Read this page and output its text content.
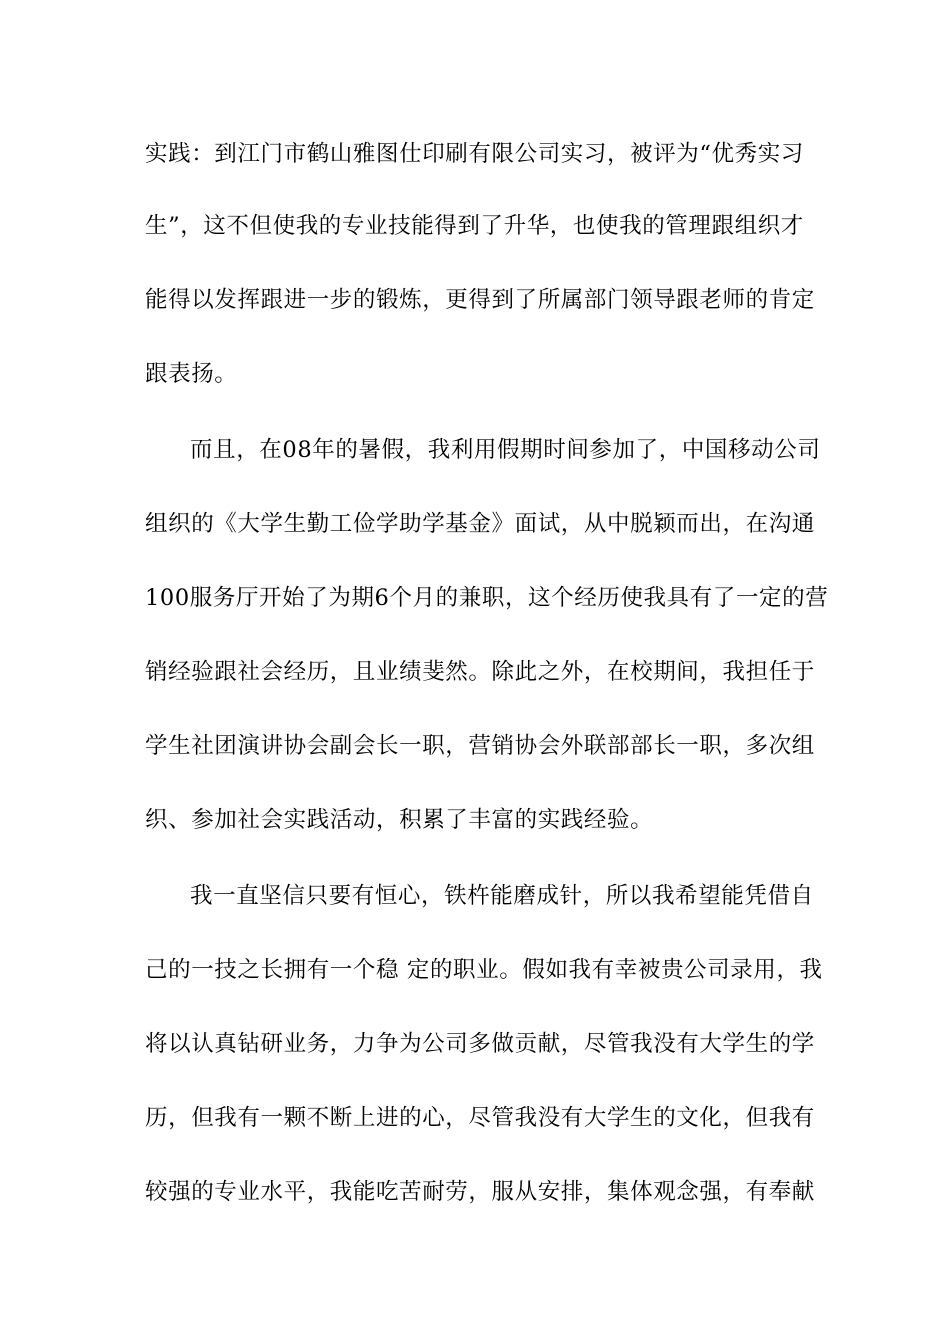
实践：到江门市鹤山雅图仕印刷有限公司实习，被评为“优秀实习

生”，这不但使我的专业技能得到了升华，也使我的管理跟组织才

能得以发挥跟进一步的锻炼，更得到了所属部门领导跟老师的肯定

跟表扬。

而且，在08年的暑假，我利用假期时间参加了，中国移动公司

组织的《大学生勤工俭学助学基金》面试，从中脱颖而出，在沟通

100服务厅开始了为期6个月的兼职，这个经历使我具有了一定的营

销经验跟社会经历，且业绩斐然。除此之外，在校期间，我担任于

学生社团演讲协会副会长一职，营销协会外联部部长一职，多次组

织、参加社会实践活动，积累了丰富的实践经验。

我一直坚信只要有恒心，铁杵能磨成针，所以我希望能凭借自

己的一技之长拥有一个稳 定的职业。假如我有幸被贵公司录用，我

将以认真钻研业务，力争为公司多做贡献，尽管我没有大学生的学

历，但我有一颗不断上进的心，尽管我没有大学生的文化，但我有

较强的专业水平，我能吃苦耐劳，服从安排，集体观念强，有奉献
